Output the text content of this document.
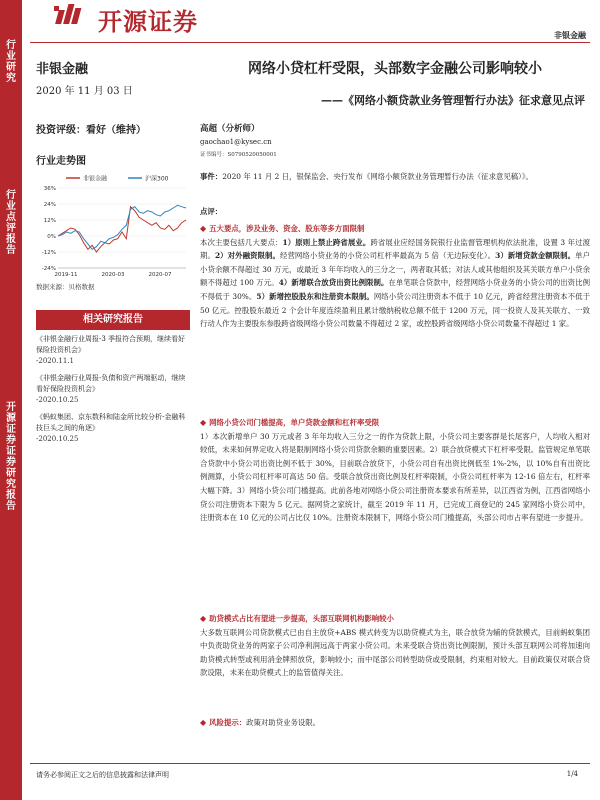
行
业
研
究
行
业
点
评
报
告
开
源
证
券
证
券
研
究
报
告
开源证券	非银金融
非银金融
2020 年 11 月 03 日
投资评级：看好（维持）
行业走势图
非银金融	沪深300
36%
24%
12%
0%
-12%
-24%
2019-11	2020-03	2020-07
数据来源：贝格数据
相关研究报告
《非银金融行业周报-3 季报符合预期，继续看好保险投资机会》
-2020.11.1
《非银金融行业周报-负债和资产两端驱动，继续看好保险投资机会》
-2020.10.25
《蚂蚁集团、京东数科和陆金所比较分析-金融科技巨头之间的角逐》
-2020.10.25
网络小贷杠杆受限，头部数字金融公司影响较小
——《网络小额贷款业务管理暂行办法》征求意见点评
高超（分析师）
gaochao1@kysec.cn
证书编号：S0790520050001
事件：2020 年 11 月 2 日，银保监会、央行发布《网络小额贷款业务管理暂行办法（征求意见稿）》。
点评：
◆ 五大要点，涉及业务、资金、股东等多方面限制
本次主要包括几大要点：1）原则上禁止跨省展业。跨省展业应经国务院银行业监督管理机构依法批准，设置 3 年过渡期。2）对外融资限制。经营网络小贷业务的小贷公司杠杆率最高为 5 倍（无边际变化）。3）新增贷款金额限制。单户小贷余额不得超过 30 万元，或最近 3 年年均收入的三分之一，两者取其低；对法人或其他组织及其关联方单户小贷余额不得超过 100 万元。4）新增联合放贷出资比例限制。在单笔联合贷款中，经营网络小贷业务的小贷公司的出资比例不得低于 30%。5）新增控股股东和注册资本限制。网络小贷公司注册资本不低于 10 亿元，跨省经营注册资本不低于 50 亿元。控股股东最近 2 个会计年度连续盈利且累计缴纳税收总额不低于 1200 万元，同一投资人及其关联方、一致行动人作为主要股东参股跨省级网络小贷公司数量不得超过 2 家，或控股跨省级网络小贷公司数量不得超过 1 家。
◆ 网络小贷公司门槛提高，单户贷款金额和杠杆率受限
1）本次新增单户 30 万元或者 3 年年均收入三分之一的作为贷款上限，小贷公司主要客群是长尾客户，人均收入相对较低，未来如何界定收入将是限制网络小贷公司贷款余额的重要因素。2）联合放贷模式下杠杆率受限。监管规定单笔联合贷款中小贷公司出资比例不低于 30%，目前联合放贷下，小贷公司自有出资比例低至 1%-2%，以 10%自有出资比例测算，小贷公司杠杆率可高达 50 倍。受联合放贷出资比例及杠杆率限制，小贷公司杠杆率为 12-16 倍左右，杠杆率大幅下降。3）网络小贷公司门槛提高。此前各地对网络小贷公司注册资本要求有所差异，以江西省为例，江西省网络小贷公司注册资本下限为 5 亿元。据网贷之家统计，截至 2019 年 11 月，已完成工商登记的 245 家网络小贷公司中，注册资本在 10 亿元的公司占比仅 10%。注册资本限制下，网络小贷公司门槛提高，头部公司市占率有望进一步提升。
◆ 助贷模式占比有望进一步提高，头部互联网机构影响较小
大多数互联网公司贷款模式已由自主放贷+ABS 模式转变为以助贷模式为主，联合放贷为辅的贷款模式，目前蚂蚁集团中负责助贷业务的两家子公司净利润远高于两家小贷公司。未来受联合贷出资比例限制，预计头部互联网公司将加速向助贷模式转型或利用消金牌照放贷，影响较小；而中尾部公司转型助贷或受限制，约束相对较大。目前政策仅对联合贷款设限，未来在助贷模式上的监管值得关注。
◆ 风险提示：政策对助贷业务设限。
请务必参阅正文之后的信息披露和法律声明	1/4
